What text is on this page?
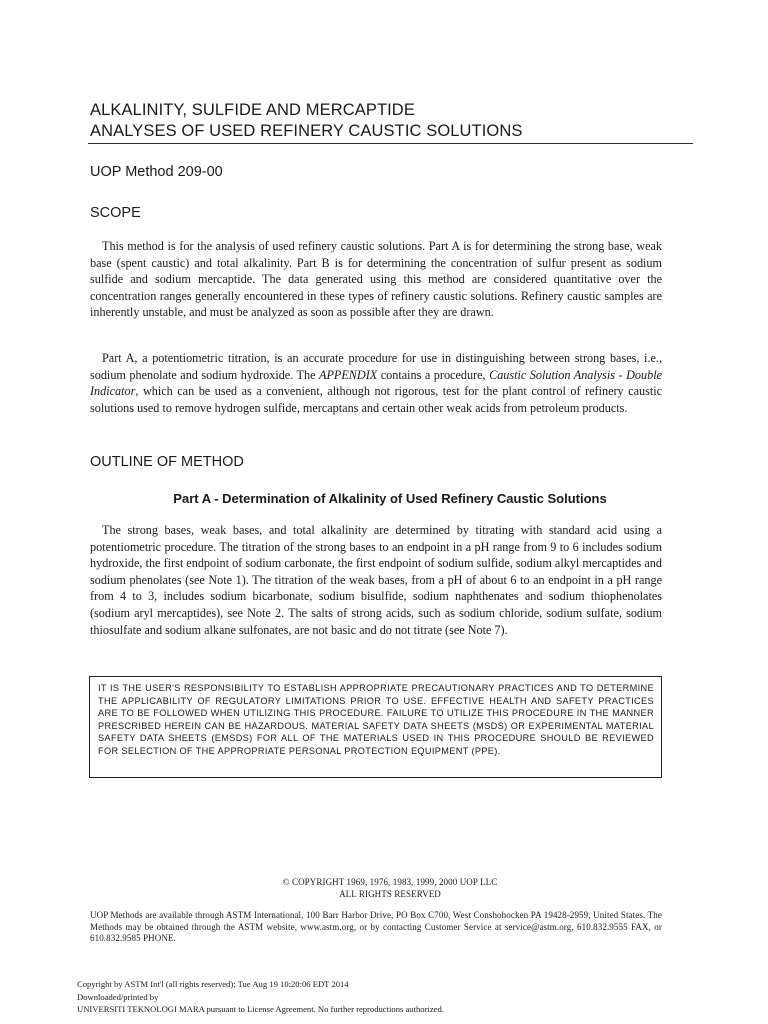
ALKALINITY, SULFIDE AND MERCAPTIDE
ANALYSES OF USED REFINERY CAUSTIC SOLUTIONS
UOP Method 209-00
SCOPE

This method is for the analysis of used refinery caustic solutions. Part A is for determining the strong base, weak base (spent caustic) and total alkalinity. Part B is for determining the concentration of sulfur present as sodium sulfide and sodium mercaptide. The data generated using this method are considered quantitative over the concentration ranges generally encountered in these types of refinery caustic solutions. Refinery caustic samples are inherently unstable, and must be analyzed as soon as possible after they are drawn.

Part A, a potentiometric titration, is an accurate procedure for use in distinguishing between strong bases, i.e., sodium phenolate and sodium hydroxide. The APPENDIX contains a procedure, Caustic Solution Analysis - Double Indicator, which can be used as a convenient, although not rigorous, test for the plant control of refinery caustic solutions used to remove hydrogen sulfide, mercaptans and certain other weak acids from petroleum products.

OUTLINE OF METHOD
Part A - Determination of Alkalinity of Used Refinery Caustic Solutions

The strong bases, weak bases, and total alkalinity are determined by titrating with standard acid using a potentiometric procedure. The titration of the strong bases to an endpoint in a pH range from 9 to 6 includes sodium hydroxide, the first endpoint of sodium carbonate, the first endpoint of sodium sulfide, sodium alkyl mercaptides and sodium phenolates (see Note 1). The titration of the weak bases, from a pH of about 6 to an endpoint in a pH range from 4 to 3, includes sodium bicarbonate, sodium bisulfide, sodium naphthenates and sodium thiophenolates (sodium aryl mercaptides), see Note 2. The salts of strong acids, such as sodium chloride, sodium sulfate, sodium thiosulfate and sodium alkane sulfonates, are not basic and do not titrate (see Note 7).

IT IS THE USER'S RESPONSIBILITY TO ESTABLISH APPROPRIATE PRECAUTIONARY PRACTICES AND TO DETERMINE THE APPLICABILITY OF REGULATORY LIMITATIONS PRIOR TO USE. EFFECTIVE HEALTH AND SAFETY PRACTICES ARE TO BE FOLLOWED WHEN UTILIZING THIS PROCEDURE. FAILURE TO UTILIZE THIS PROCEDURE IN THE MANNER PRESCRIBED HEREIN CAN BE HAZARDOUS. MATERIAL SAFETY DATA SHEETS (MSDS) OR EXPERIMENTAL MATERIAL SAFETY DATA SHEETS (EMSDS) FOR ALL OF THE MATERIALS USED IN THIS PROCEDURE SHOULD BE REVIEWED FOR SELECTION OF THE APPROPRIATE PERSONAL PROTECTION EQUIPMENT (PPE).
© COPYRIGHT 1969, 1976, 1983, 1999, 2000 UOP LLC
ALL RIGHTS RESERVED

UOP Methods are available through ASTM International, 100 Barr Harbor Drive, PO Box C700, West Conshohocken PA 19428-2959, United States. The Methods may be obtained through the ASTM website, www.astm.org, or by contacting Customer Service at service@astm.org, 610.832.9555 FAX, or 610.832.9585 PHONE.

Copyright by ASTM Int'l (all rights reserved); Tue Aug 19 10:20:06 EDT 2014
Downloaded/printed by
UNIVERSITI TEKNOLOGI MARA pursuant to License Agreement. No further reproductions authorized.
